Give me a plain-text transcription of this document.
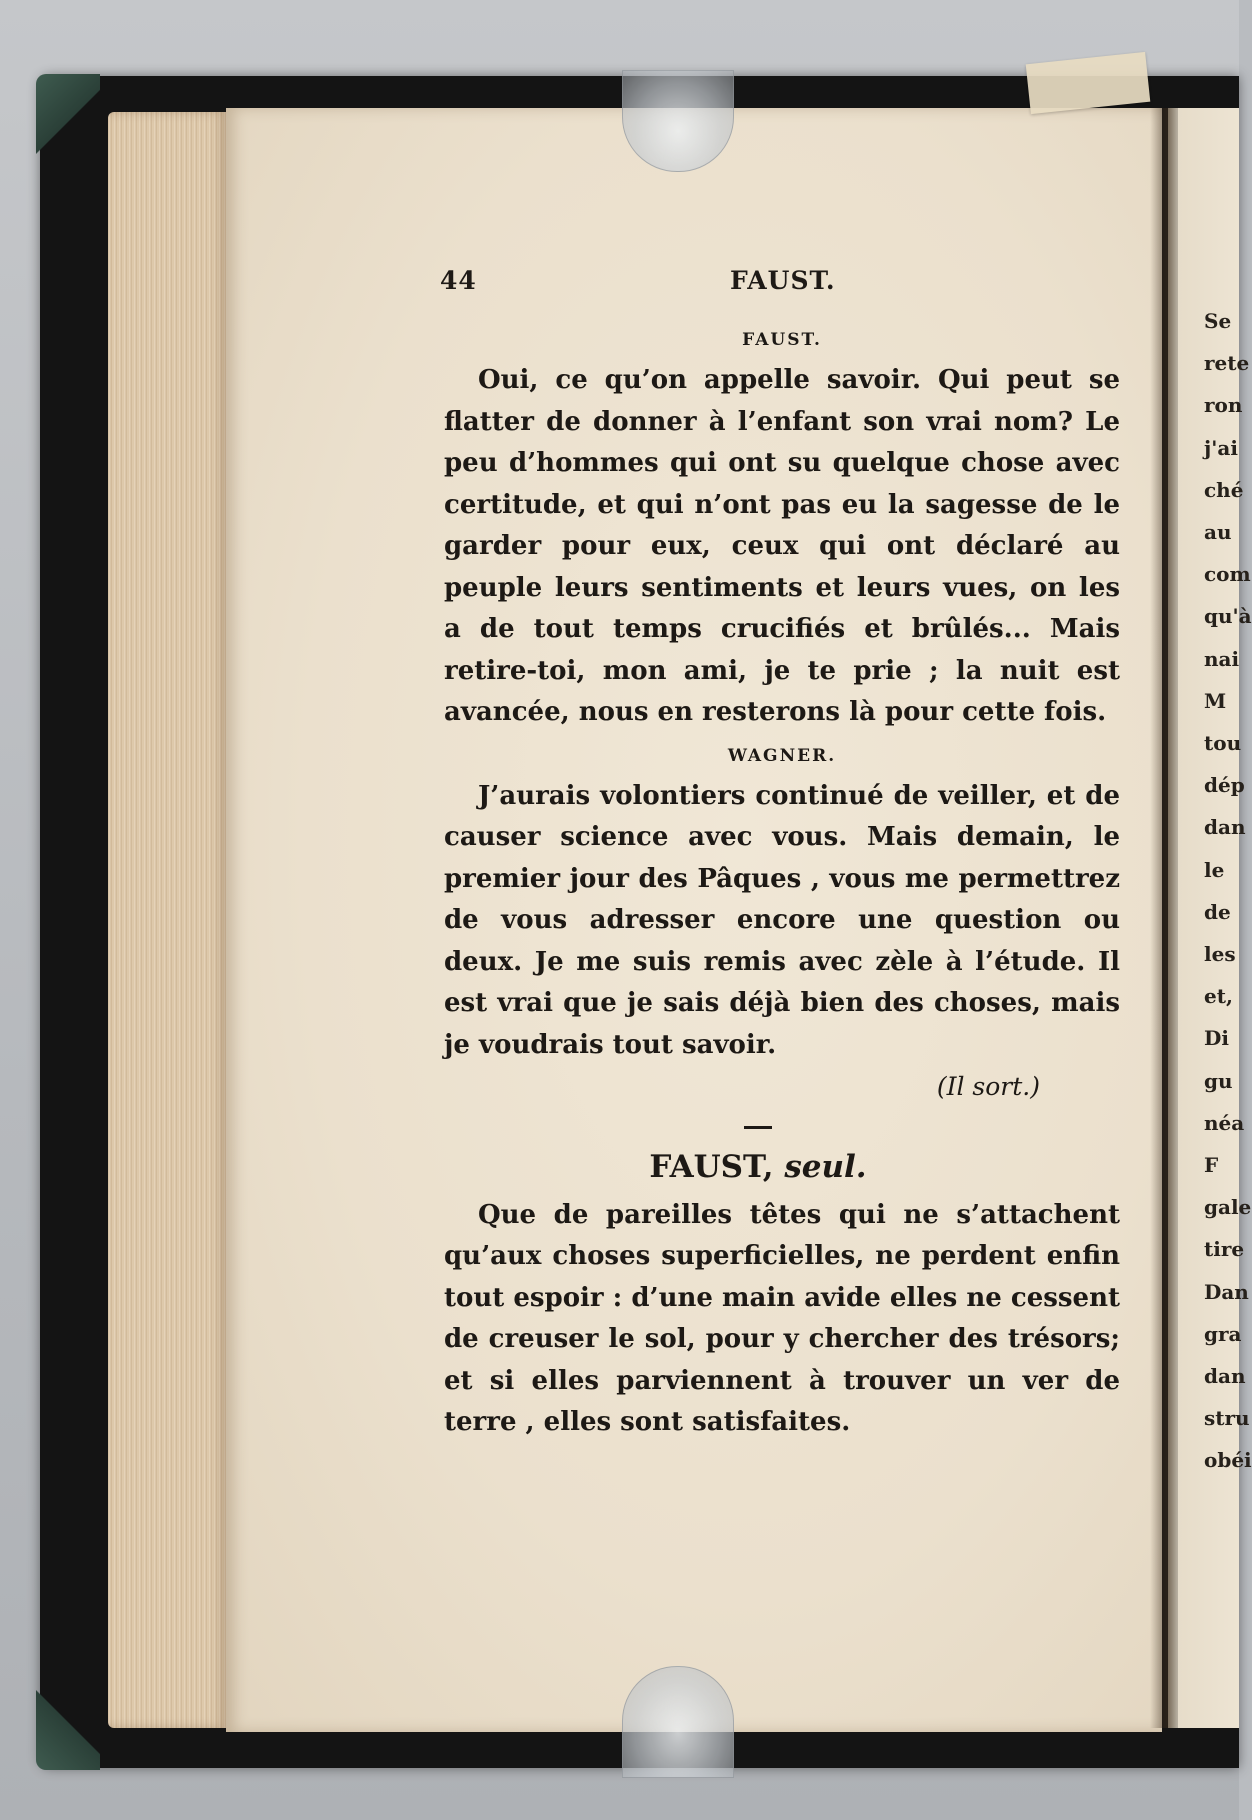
44	FAUST.
FAUST.

Oui, ce qu’on appelle savoir. Qui peut se flatter de donner à l’enfant son vrai nom? Le peu d’hommes qui ont su quelque chose avec certitude, et qui n’ont pas eu la sagesse de le garder pour eux, ceux qui ont déclaré au peuple leurs sentiments et leurs vues, on les a de tout temps crucifiés et brûlés... Mais retire-toi, mon ami, je te prie ; la nuit est avancée, nous en resterons là pour cette fois.

WAGNER.

J’aurais volontiers continué de veiller, et de causer science avec vous. Mais demain, le premier jour des Pâques , vous me permettrez de vous adresser encore une question ou deux. Je me suis remis avec zèle à l’étude. Il est vrai que je sais déjà bien des choses, mais je voudrais tout savoir.

(Il sort.)

FAUST, seul.

Que de pareilles têtes qui ne s’attachent qu’aux choses superficielles, ne perdent enfin tout espoir : d’une main avide elles ne cessent de creuser le sol, pour y chercher des trésors; et si elles parviennent à trouver un ver de terre , elles sont satisfaites.

Se
rete
ron
j'ai
ché
au
com
qu'à
nai
M
tou
dép
dan
le
de
les
et,
Di
gu
néa
F
gale
tire
Dan
gra
dan
stru
obéi
